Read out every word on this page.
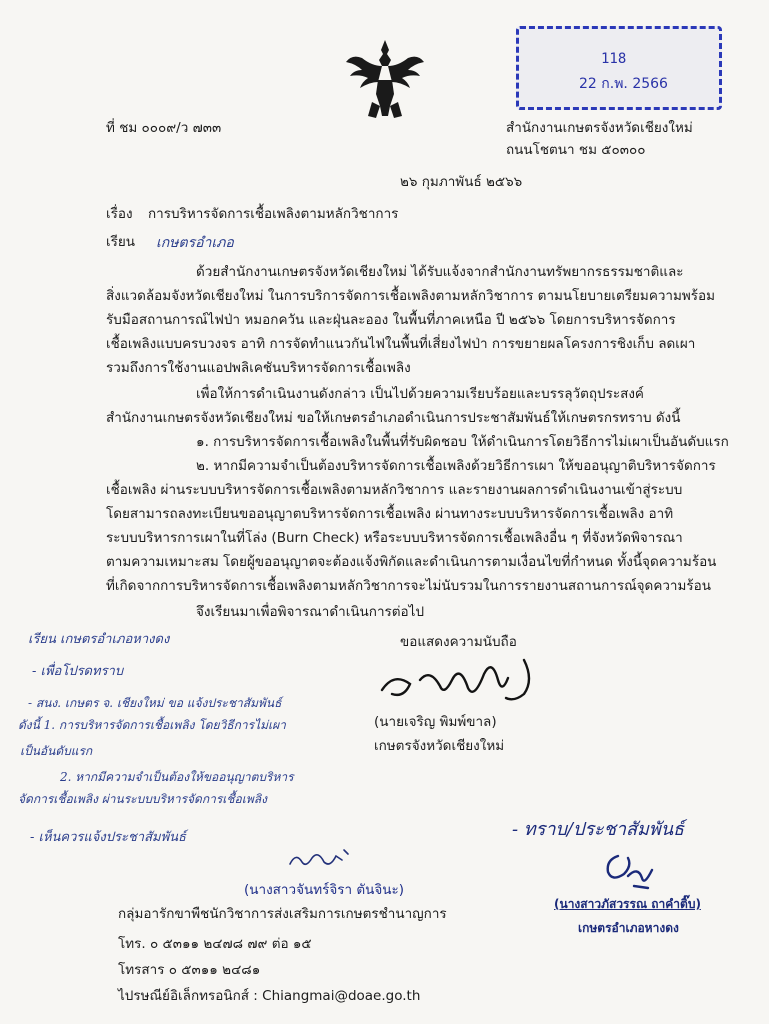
118
22 ก.พ. 2566
ที่ ชม ๐๐๐๙/ว ๗๓๓	สำนักงานเกษตรจังหวัดเชียงใหม่
ถนนโชตนา ชม ๕๐๓๐๐
๒๖ กุมภาพันธ์ ๒๕๖๖
เรื่อง การบริหารจัดการเชื้อเพลิงตามหลักวิชาการ
เรียน เกษตรอำเภอ
ด้วยสำนักงานเกษตรจังหวัดเชียงใหม่ ได้รับแจ้งจากสำนักงานทรัพยากรธรรมชาติและ
สิ่งแวดล้อมจังหวัดเชียงใหม่ ในการบริการจัดการเชื้อเพลิงตามหลักวิชาการ ตามนโยบายเตรียมความพร้อม
รับมือสถานการณ์ไฟป่า หมอกควัน และฝุ่นละออง ในพื้นที่ภาคเหนือ ปี ๒๕๖๖ โดยการบริหารจัดการ
เชื้อเพลิงแบบครบวงจร อาทิ การจัดทำแนวกันไฟในพื้นที่เสี่ยงไฟป่า การขยายผลโครงการชิงเก็บ ลดเผา
รวมถึงการใช้งานแอปพลิเคชันบริหารจัดการเชื้อเพลิง
เพื่อให้การดำเนินงานดังกล่าว เป็นไปด้วยความเรียบร้อยและบรรลุวัตถุประสงค์
สำนักงานเกษตรจังหวัดเชียงใหม่ ขอให้เกษตรอำเภอดำเนินการประชาสัมพันธ์ให้เกษตรกรทราบ ดังนี้
๑. การบริหารจัดการเชื้อเพลิงในพื้นที่รับผิดชอบ ให้ดำเนินการโดยวิธีการไม่เผาเป็นอันดับแรก
๒. หากมีความจำเป็นต้องบริหารจัดการเชื้อเพลิงด้วยวิธีการเผา ให้ขออนุญาติบริหารจัดการ
เชื้อเพลิง ผ่านระบบบริหารจัดการเชื้อเพลิงตามหลักวิชาการ และรายงานผลการดำเนินงานเข้าสู่ระบบ
โดยสามารถลงทะเบียนขออนุญาตบริหารจัดการเชื้อเพลิง ผ่านทางระบบบริหารจัดการเชื้อเพลิง อาทิ
ระบบบริหารการเผาในที่โล่ง (Burn Check) หรือระบบบริหารจัดการเชื้อเพลิงอื่น ๆ ที่จังหวัดพิจารณา
ตามความเหมาะสม โดยผู้ขออนุญาตจะต้องแจ้งพิกัดและดำเนินการตามเงื่อนไขที่กำหนด ทั้งนี้จุดความร้อน
ที่เกิดจากการบริหารจัดการเชื้อเพลิงตามหลักวิชาการจะไม่นับรวมในการรายงานสถานการณ์จุดความร้อน
จึงเรียนมาเพื่อพิจารณาดำเนินการต่อไป
ขอแสดงความนับถือ
(นายเจริญ พิมพ์ขาล)
เกษตรจังหวัดเชียงใหม่
เรียน เกษตรอำเภอหางดง
- เพื่อโปรดทราบ
- สนง. เกษตร จ. เชียงใหม่ ขอ แจ้งประชาสัมพันธ์
ดังนี้ 1. การบริหารจัดการเชื้อเพลิง โดยวิธีการไม่เผา
เป็นอันดับแรก
2. หากมีความจำเป็นต้องให้ขออนุญาตบริหาร
จัดการเชื้อเพลิง ผ่านระบบบริหารจัดการเชื้อเพลิง
- เห็นควรแจ้งประชาสัมพันธ์
(นางสาวจันทร์จิรา ตันจินะ)
กลุ่มอารักขาพืชนักวิชาการส่งเสริมการเกษตรชำนาญการ
โทร. ๐ ๕๓๑๑ ๒๔๗๘ ๗๙ ต่อ ๑๕
โทรสาร ๐ ๕๓๑๑ ๒๔๘๑
ไปรษณีย์อิเล็กทรอนิกส์ : Chiangmai@doae.go.th
- ทราบ/ประชาสัมพันธ์
(นางสาวภัสวรรณ ถาคำติ๊บ)
เกษตรอำเภอหางดง
